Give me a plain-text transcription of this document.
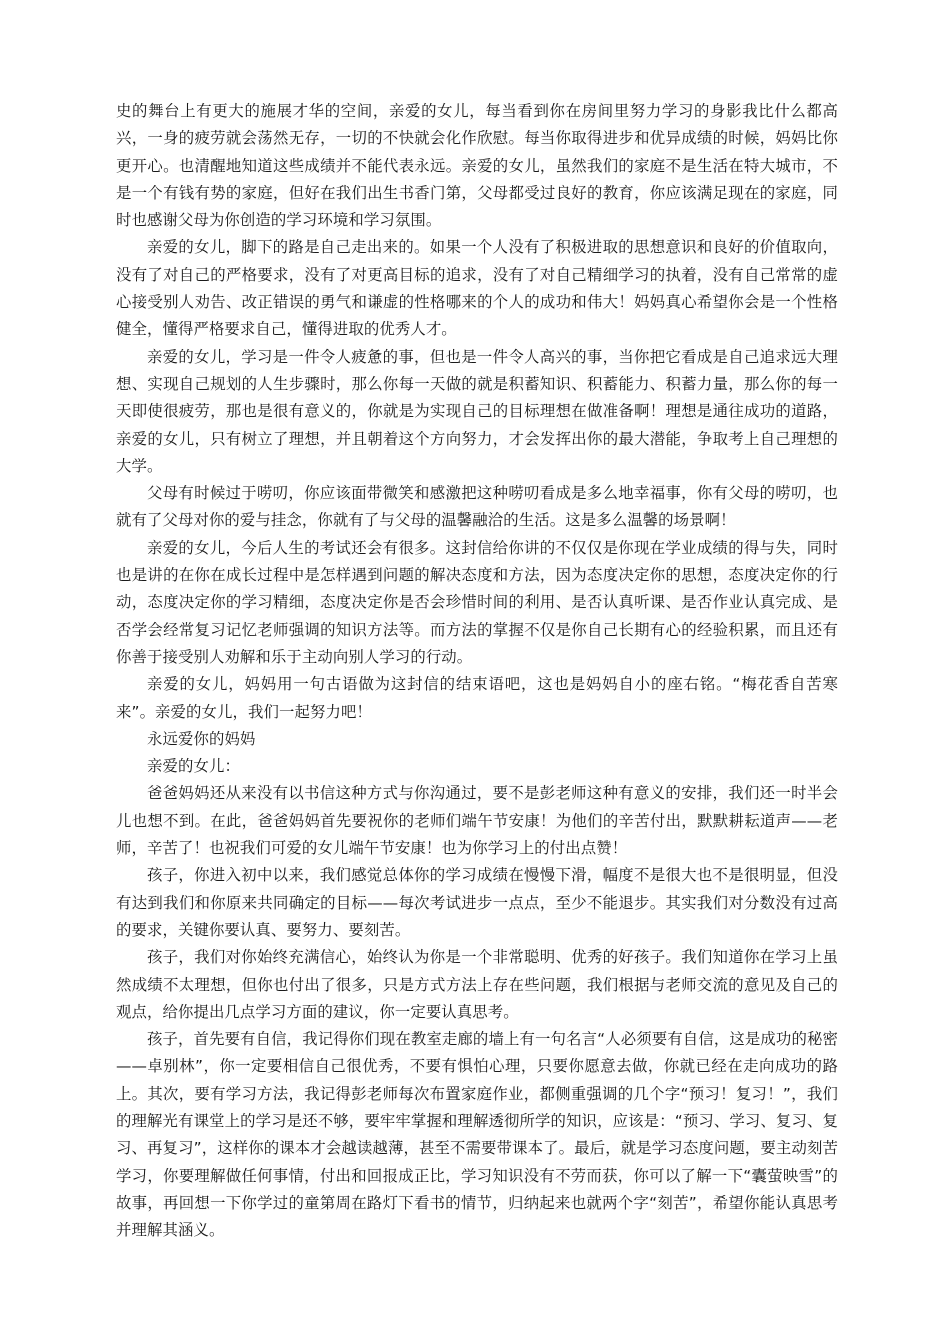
史的舞台上有更大的施展才华的空间，亲爱的女儿，每当看到你在房间里努力学习的身影我比什么都高兴，一身的疲劳就会荡然无存，一切的不快就会化作欣慰。每当你取得进步和优异成绩的时候，妈妈比你更开心。也清醒地知道这些成绩并不能代表永远。亲爱的女儿，虽然我们的家庭不是生活在特大城市，不是一个有钱有势的家庭，但好在我们出生书香门第，父母都受过良好的教育，你应该满足现在的家庭，同时也感谢父母为你创造的学习环境和学习氛围。

亲爱的女儿，脚下的路是自己走出来的。如果一个人没有了积极进取的思想意识和良好的价值取向，没有了对自己的严格要求，没有了对更高目标的追求，没有了对自己精细学习的执着，没有自己常常的虚心接受别人劝告、改正错误的勇气和谦虚的性格哪来的个人的成功和伟大！妈妈真心希望你会是一个性格健全，懂得严格要求自己，懂得进取的优秀人才。

亲爱的女儿，学习是一件令人疲惫的事，但也是一件令人高兴的事，当你把它看成是自己追求远大理想、实现自己规划的人生步骤时，那么你每一天做的就是积蓄知识、积蓄能力、积蓄力量，那么你的每一天即使很疲劳，那也是很有意义的，你就是为实现自己的目标理想在做准备啊！理想是通往成功的道路，亲爱的女儿，只有树立了理想，并且朝着这个方向努力，才会发挥出你的最大潜能，争取考上自己理想的大学。

父母有时候过于唠叨，你应该面带微笑和感激把这种唠叨看成是多么地幸福事，你有父母的唠叨，也就有了父母对你的爱与挂念，你就有了与父母的温馨融洽的生活。这是多么温馨的场景啊！

亲爱的女儿，今后人生的考试还会有很多。这封信给你讲的不仅仅是你现在学业成绩的得与失，同时也是讲的在你在成长过程中是怎样遇到问题的解决态度和方法，因为态度决定你的思想，态度决定你的行动，态度决定你的学习精细，态度决定你是否会珍惜时间的利用、是否认真听课、是否作业认真完成、是否学会经常复习记忆老师强调的知识方法等。而方法的掌握不仅是你自己长期有心的经验积累，而且还有你善于接受别人劝解和乐于主动向别人学习的行动。

亲爱的女儿，妈妈用一句古语做为这封信的结束语吧，这也是妈妈自小的座右铭。“梅花香自苦寒来”。亲爱的女儿，我们一起努力吧！

永远爱你的妈妈

亲爱的女儿：

爸爸妈妈还从来没有以书信这种方式与你沟通过，要不是彭老师这种有意义的安排，我们还一时半会儿也想不到。在此，爸爸妈妈首先要祝你的老师们端午节安康！为他们的辛苦付出，默默耕耘道声——老师，辛苦了！也祝我们可爱的女儿端午节安康！也为你学习上的付出点赞！

孩子，你进入初中以来，我们感觉总体你的学习成绩在慢慢下滑，幅度不是很大也不是很明显，但没有达到我们和你原来共同确定的目标——每次考试进步一点点，至少不能退步。其实我们对分数没有过高的要求，关键你要认真、要努力、要刻苦。

孩子，我们对你始终充满信心，始终认为你是一个非常聪明、优秀的好孩子。我们知道你在学习上虽然成绩不太理想，但你也付出了很多，只是方式方法上存在些问题，我们根据与老师交流的意见及自己的观点，给你提出几点学习方面的建议，你一定要认真思考。

孩子，首先要有自信，我记得你们现在教室走廊的墙上有一句名言“人必须要有自信，这是成功的秘密——卓别林”，你一定要相信自己很优秀，不要有惧怕心理，只要你愿意去做，你就已经在走向成功的路上。其次，要有学习方法，我记得彭老师每次布置家庭作业，都侧重强调的几个字“预习！复习！”，我们的理解光有课堂上的学习是还不够，要牢牢掌握和理解透彻所学的知识，应该是：“预习、学习、复习、复习、再复习”，这样你的课本才会越读越薄，甚至不需要带课本了。最后，就是学习态度问题，要主动刻苦学习，你要理解做任何事情，付出和回报成正比，学习知识没有不劳而获，你可以了解一下“囊萤映雪”的故事，再回想一下你学过的童第周在路灯下看书的情节，归纳起来也就两个字“刻苦”，希望你能认真思考并理解其涵义。
